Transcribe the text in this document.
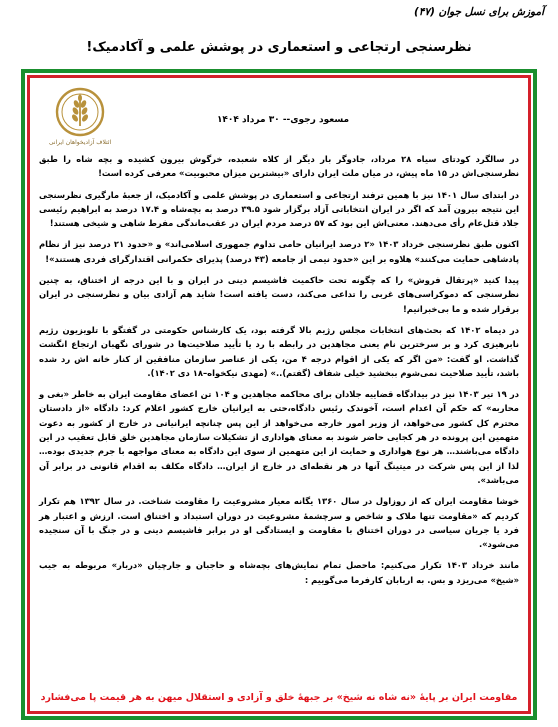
آموزش برای نسل جوان (۴۷)
نظرسنجی ارتجاعی و استعماری در پوشش علمی و آکادمیک!
ائتلاف آزادیخواهان ایرانی
مسعود رجوی-- ۳۰ مرداد ۱۴۰۴

در سالگرد کودتای سیاه ۲۸ مرداد، جادوگر بار دیگر از کلاه شعبده، خرگوش بیرون کشیده و بچه شاه را طبق نظرسنجی‌اش در ۱۵ ماه پیش، در میان ملت ایران دارای «بیشترین میزان محبوبیت» معرفی کرده است!

در ابتدای سال ۱۴۰۱ نیز با همین ترفند ارتجاعی و استعماری در پوشش علمی و آکادمیک، از جعبهٔ مارگیری نظرسنجی این نتیجه بیرون آمد که اگر در ایران انتخاباتی آزاد برگزار شود ۳۹.۵ درصد به بچه‌شاه و ۱۷.۴ درصد به ابراهیم رئیسی جلاد قتل‌عام رأی می‌دهند. معنی‌اش این بود که ۵۷ درصد مردم ایران در عقب‌ماندگی مفرط شاهی و شیخی هستند!

اکنون طبق نظرسنجی خرداد ۱۴۰۳ «۲ درصد ایرانیان حامی تداوم جمهوری اسلامی‌اند» و «حدود ۲۱ درصد نیز از نظام پادشاهی حمایت می‌کنند» هلاوه بر این «حدود نیمی از جامعه (۴۳ درصد) پذیرای حکمرانی اقتدارگرای فردی هستند»!

پیدا کنید «پرتقال فروش» را که چگونه تحت حاکمیت فاشیسم دینی در ایران و با این درجه از اختناق، به چنین نظرسنجی که دموکراسی‌های غربی را تداعی می‌کند، دست یافته است! شاید هم آزادی بیان و نظرسنجی در ایران برقرار شده و ما بی‌خبرانیم!

در دیماه ۱۴۰۲ که بحث‌های انتخابات مجلس رژیم بالا گرفته بود، یک کارشناس حکومتی در گفتگو با تلویزیون رژیم نابرهیزی کرد و بر سرخترین نام یعنی مجاهدین در رابطه با رد یا تأیید صلاحیت‌ها در شورای نگهبان ارتجاع انگشت گذاشت. او گفت: «من اگر که یکی از اقوام درجه ۴ من، یکی از عناصر سازمان منافقین از کنار خانه اش رد شده باشد، تأیید صلاحیت نمی‌شوم ببخشید خیلی شفاف (گفتم)..» (مهدی نیکخواه–۱۸ دی ۱۴۰۲).

در ۱۹ تیر ۱۴۰۳ نیز در بیدادگاه قضاییه جلادان برای محاکمه مجاهدین و ۱۰۴ تن اعضای مقاومت ایران به خاطر «بغی و محاربه» که حکم آن اعدام است، آخوندک رئیس دادگاه،حتی به ایرانیان خارج کشور اعلام کرد: دادگاه «از دادستان محترم کل کشور می‌خواهد، از وزیر امور خارجه می‌خواهد از این پس چنانچه ایرانیانی در خارج از کشور به دعوت متهمین این پرونده در هر کجایی حاضر شوند به معنای هواداری از تشکیلات سازمان مجاهدین خلق قابل تعقیب در این دادگاه می‌باشند… هر نوع هواداری و حمایت از این متهمین از سوی این دادگاه به معنای مواجهه با جرم جدیدی بوده… لذا از این پس شرکت در میتینگ آنها در هر نقطه‌ای در خارج از ایران… دادگاه مکلف به اقدام قانونی در برابر آن می‌باشد».

خوشا مقاومت ایران که از روزاول در سال ۱۳۶۰ یگانه معیار مشروعیت را مقاومت شناخت. در سال ۱۳۹۲ هم تکرار کردیم که «مقاومت تنها ملاک و شاخص و سرچشمهٔ مشروعیت در دوران استبداد و اختناق است. ارزش و اعتبار هر فرد یا جریان سیاسی در دوران اختناق با مقاومت و ایستادگی او در برابر فاشیسم دینی و در جنگ با آن سنجیده می‌شود».

مانند خرداد ۱۴۰۳ تکرار می‌کنیم: ماحصل تمام نمایش‌های بچه‌شاه و حاجبان و جارچیان «دربار» مربوطه به جیب «شیخ» می‌ریزد و بس. به اربابان کارفرما می‌گوییم :

مقاومت ایران بر پایهٔ «نه شاه نه شیخ» بر جبههٔ خلق و آزادی و استقلال میهن به هر قیمت پا می‌فشارد
